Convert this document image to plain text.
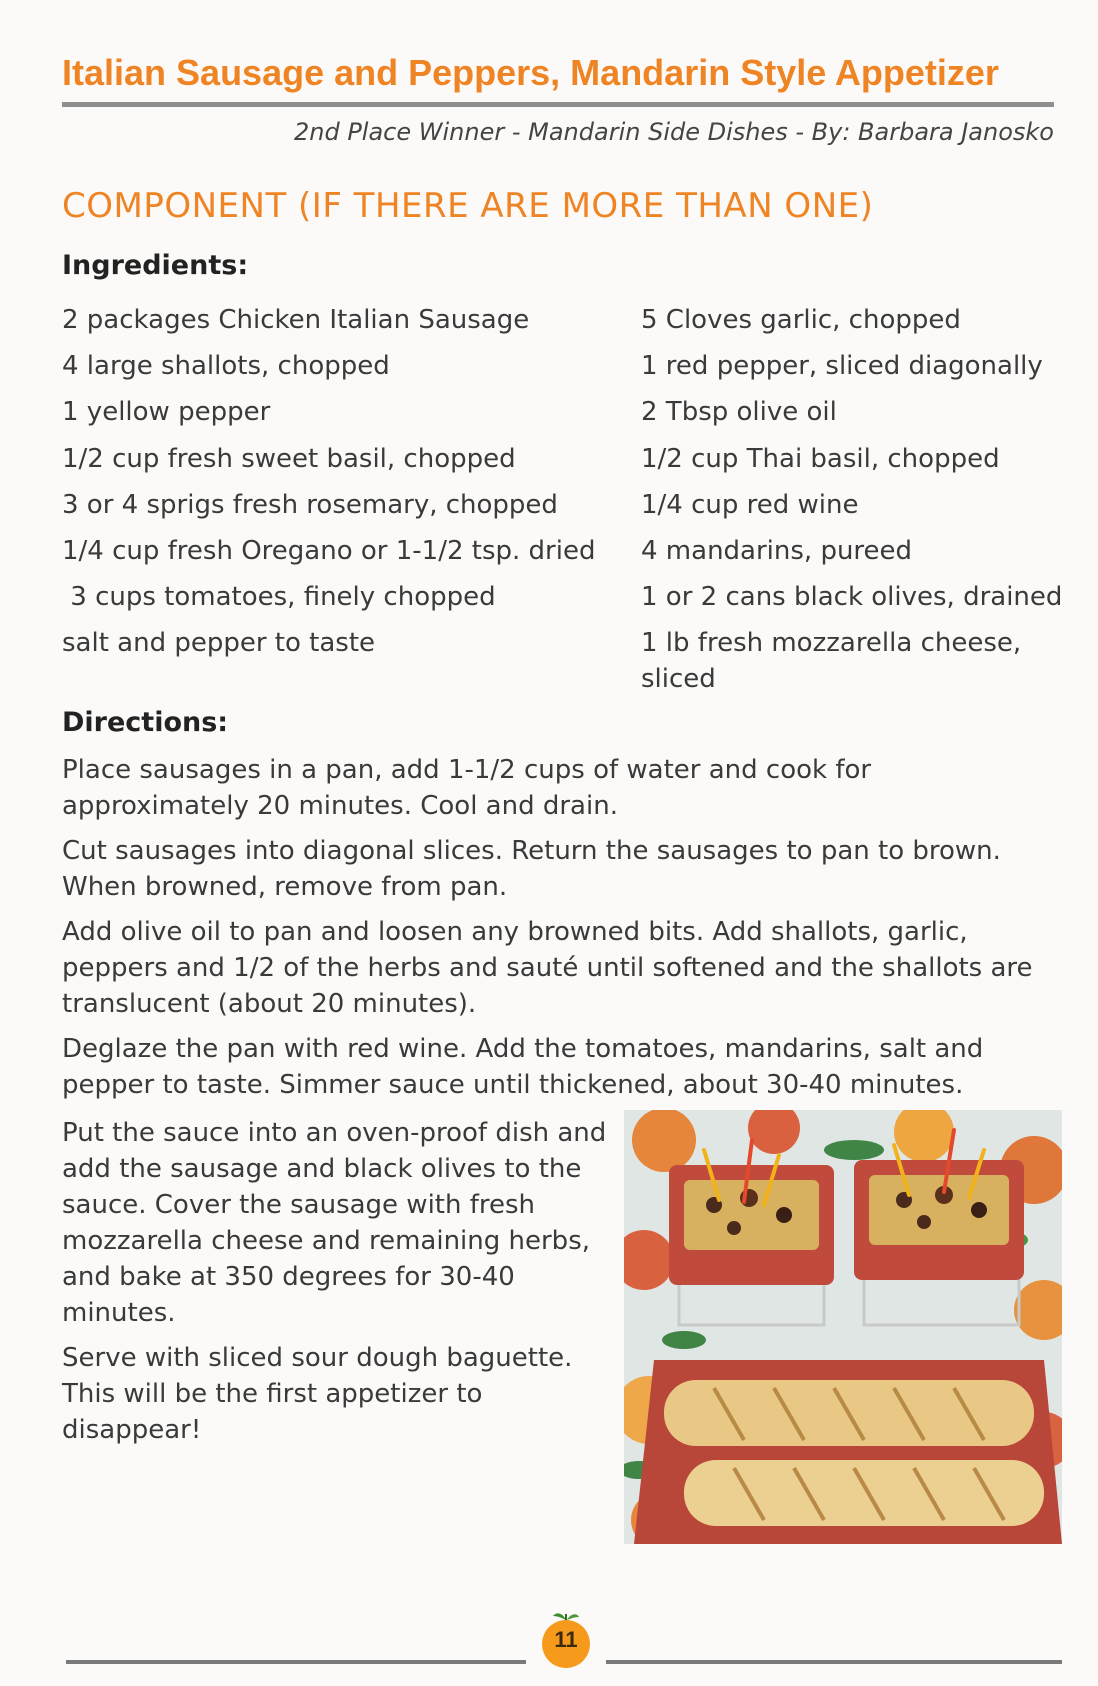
Italian Sausage and Peppers, Mandarin Style Appetizer
2nd Place Winner - Mandarin Side Dishes - By: Barbara Janosko
COMPONENT (IF THERE ARE MORE THAN ONE)
Ingredients:
2 packages Chicken Italian Sausage
4 large shallots, chopped
1 yellow pepper
1/2 cup fresh sweet basil, chopped
3 or 4 sprigs fresh rosemary, chopped
1/4 cup fresh Oregano or 1-1/2 tsp. dried
3 cups tomatoes, finely chopped
salt and pepper to taste
5 Cloves garlic, chopped
1 red pepper, sliced diagonally
2 Tbsp olive oil
1/2 cup Thai basil, chopped
1/4 cup red wine
4 mandarins, pureed
1 or 2 cans black olives, drained
1 lb fresh mozzarella cheese, sliced
Directions:

Place sausages in a pan, add 1-1/2 cups of water and cook for approximately 20 minutes. Cool and drain.

Cut sausages into diagonal slices. Return the sausages to pan to brown. When browned, remove from pan.

Add olive oil to pan and loosen any browned bits. Add shallots, garlic, peppers and 1/2 of the herbs and sauté until softened and the shallots are translucent (about 20 minutes).

Deglaze the pan with red wine. Add the tomatoes, mandarins, salt and pepper to taste. Simmer sauce until thickened, about 30-40 minutes.

Put the sauce into an oven-proof dish and add the sausage and black olives to the sauce. Cover the sausage with fresh mozzarella cheese and remaining herbs, and bake at 350 degrees for 30-40 minutes.

Serve with sliced sour dough baguette. This will be the first appetizer to disappear!

11
